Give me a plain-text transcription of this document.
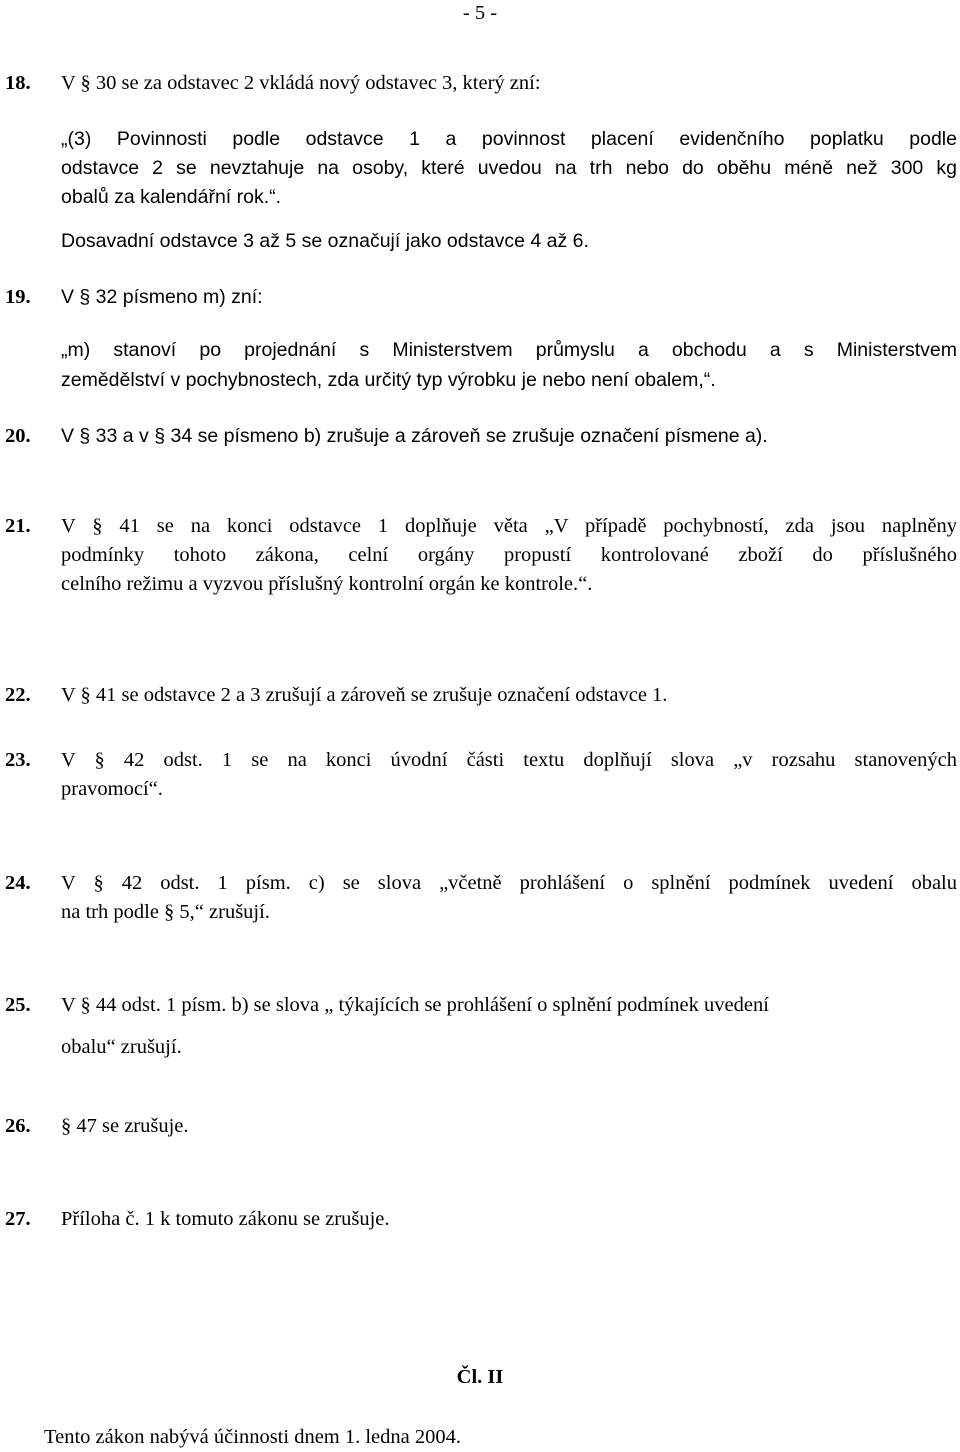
- 5 -
18. V § 30 se za odstavec 2 vkládá nový odstavec 3, který zní:
„(3) Povinnosti podle odstavce 1 a povinnost placení evidenčního poplatku podle
odstavce 2 se nevztahuje na osoby, které uvedou na trh nebo do oběhu méně než 300 kg
obalů za kalendářní rok.“.
Dosavadní odstavce 3 až 5 se označují jako odstavce 4 až 6.
19. V § 32 písmeno m) zní:
„m) stanoví po projednání s Ministerstvem průmyslu a obchodu a s Ministerstvem
zemědělství v pochybnostech, zda určitý typ výrobku je nebo není obalem,“.
20. V § 33 a v § 34 se písmeno b) zrušuje a zároveň se zrušuje označení písmene a).
21. V § 41 se na konci odstavce 1 doplňuje věta „V případě pochybností, zda jsou naplněny
podmínky tohoto zákona, celní orgány propustí kontrolované zboží do příslušného
celního režimu a vyzvou příslušný kontrolní orgán ke kontrole.“.
22. V § 41 se odstavce 2 a 3 zrušují a zároveň se zrušuje označení odstavce 1.
23. V § 42 odst. 1 se na konci úvodní části textu doplňují slova „v rozsahu stanovených
pravomocí“.
24. V § 42 odst. 1 písm. c) se slova „včetně prohlášení o splnění podmínek uvedení obalu
na trh podle § 5,“ zrušují.
25. V § 44 odst. 1 písm. b) se slova „ týkajících se prohlášení o splnění podmínek uvedení
obalu“ zrušují.
26. § 47 se zrušuje.
27. Příloha č. 1 k tomuto zákonu se zrušuje.
Čl. II
Tento zákon nabývá účinnosti dnem 1. ledna 2004.
